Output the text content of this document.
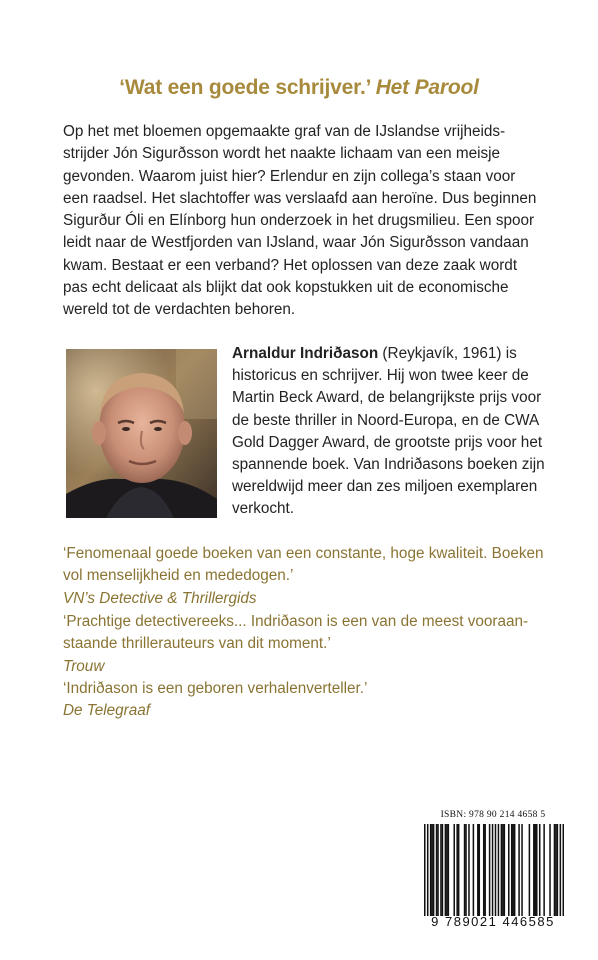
‘Wat een goede schrijver.’ Het Parool

Op het met bloemen opgemaakte graf van de IJslandse vrijheids-
strijder Jón Sigurðsson wordt het naakte lichaam van een meisje
gevonden. Waarom juist hier? Erlendur en zijn collega’s staan voor
een raadsel. Het slachtoffer was verslaafd aan heroïne. Dus beginnen
Sigurður Óli en Elínborg hun onderzoek in het drugsmilieu. Een spoor
leidt naar de Westfjorden van IJsland, waar Jón Sigurðsson vandaan
kwam. Bestaat er een verband? Het oplossen van deze zaak wordt
pas echt delicaat als blijkt dat ook kopstukken uit de economische
wereld tot de verdachten behoren.

Arnaldur Indriðason (Reykjavík, 1961) is
historicus en schrijver. Hij won twee keer de
Martin Beck Award, de belangrijkste prijs voor
de beste thriller in Noord-Europa, en de CWA
Gold Dagger Award, de grootste prijs voor het
spannende boek. Van Indriðasons boeken zijn
wereldwijd meer dan zes miljoen exemplaren
verkocht.

‘Fenomenaal goede boeken van een constante, hoge kwaliteit. Boeken
vol menselijkheid en mededogen.’
VN’s Detective & Thrillergids

‘Prachtige detectivereeks... Indriðason is een van de meest vooraan-
staande thrillerauteurs van dit moment.’
Trouw

‘Indriðason is een geboren verhalenverteller.’
De Telegraaf

ISBN: 978 90 214 4658 5
9 789021 446585
